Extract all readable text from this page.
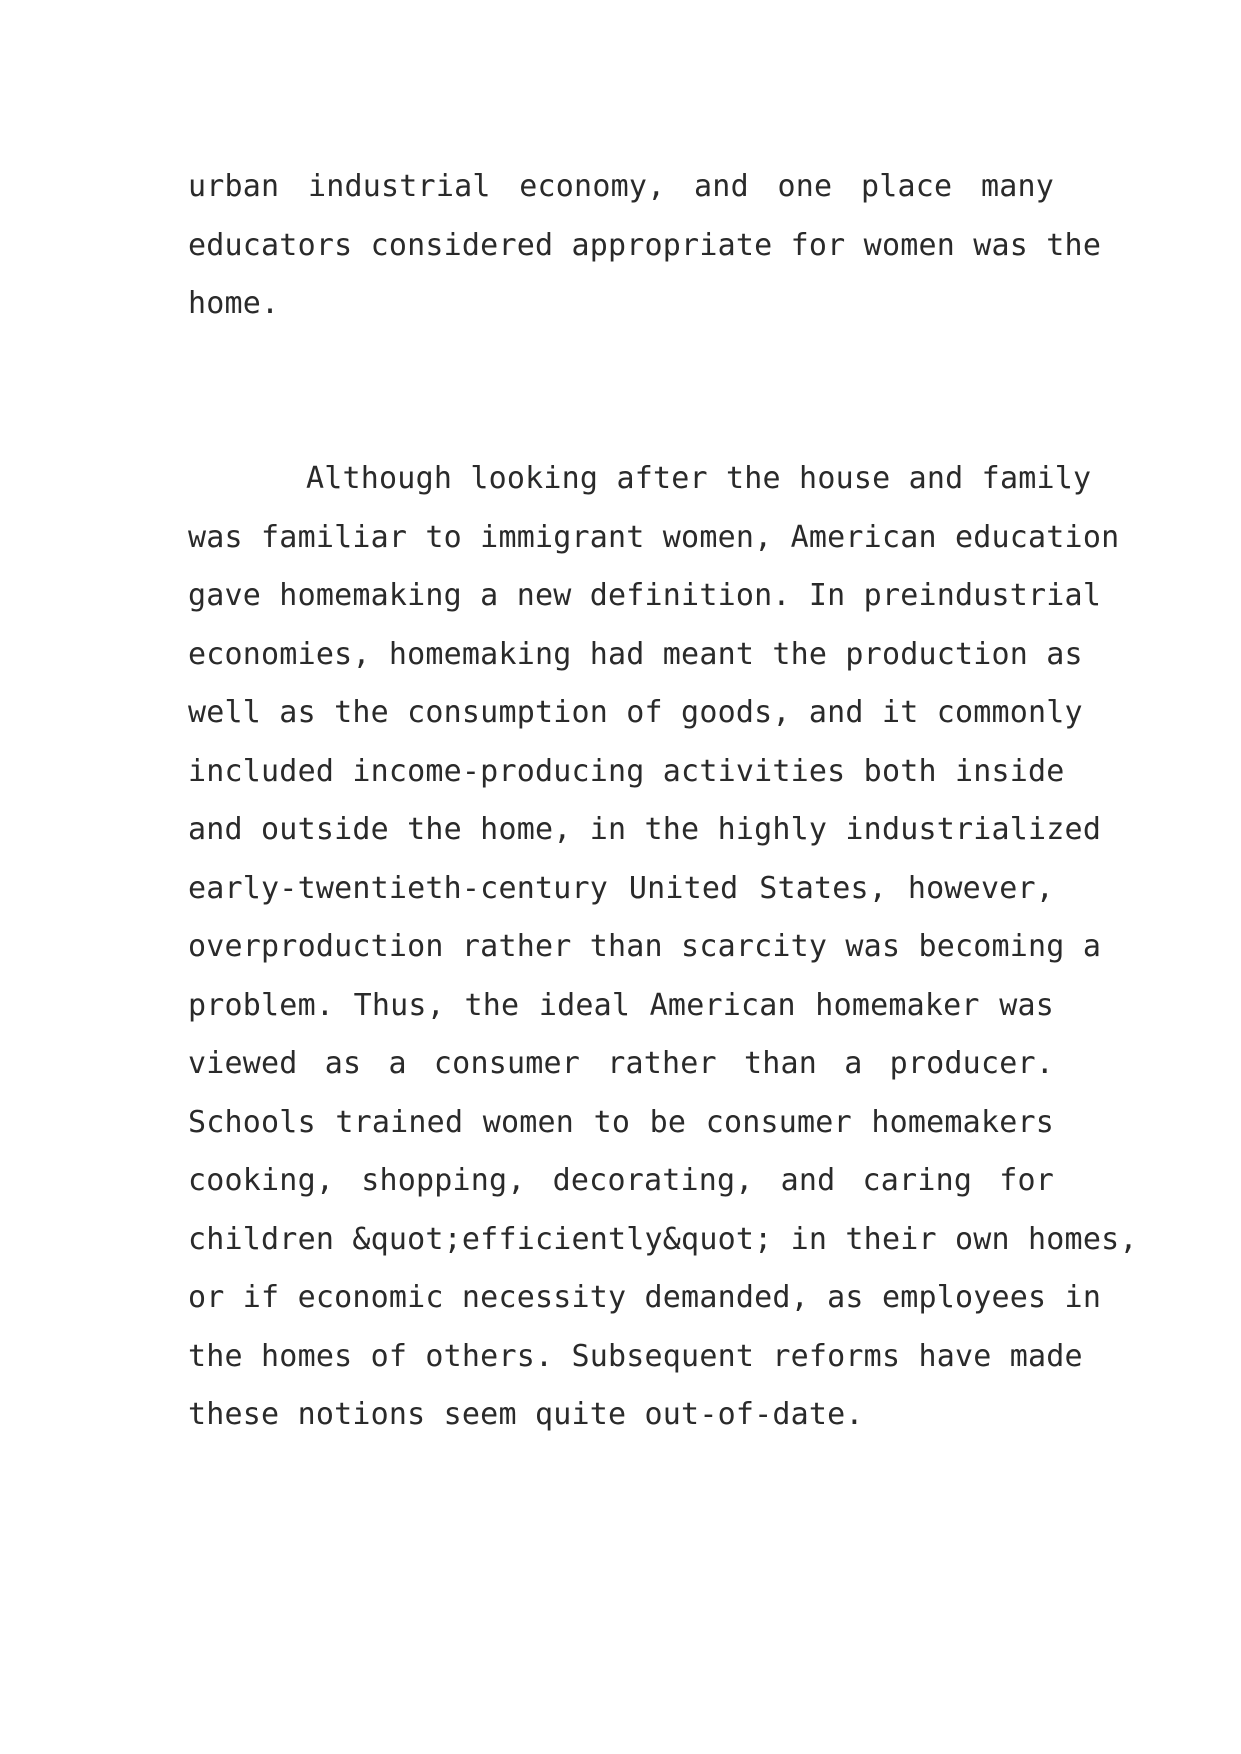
urban industrial economy, and one place many
educators considered appropriate for women was the
home.
Although looking after the house and family
was familiar to immigrant women, American education
gave homemaking a new definition. In preindustrial
economies, homemaking had meant the production as
well as the consumption of goods, and it commonly
included income-producing activities both inside
and outside the home, in the highly industrialized
early-twentieth-century United States, however,
overproduction rather than scarcity was becoming a
problem. Thus, the ideal American homemaker was
viewed as a consumer rather than a producer.
Schools trained women to be consumer homemakers
cooking, shopping, decorating, and caring for
children &quot;efficiently&quot; in their own homes,
or if economic necessity demanded, as employees in
the homes of others. Subsequent reforms have made
these notions seem quite out-of-date.
